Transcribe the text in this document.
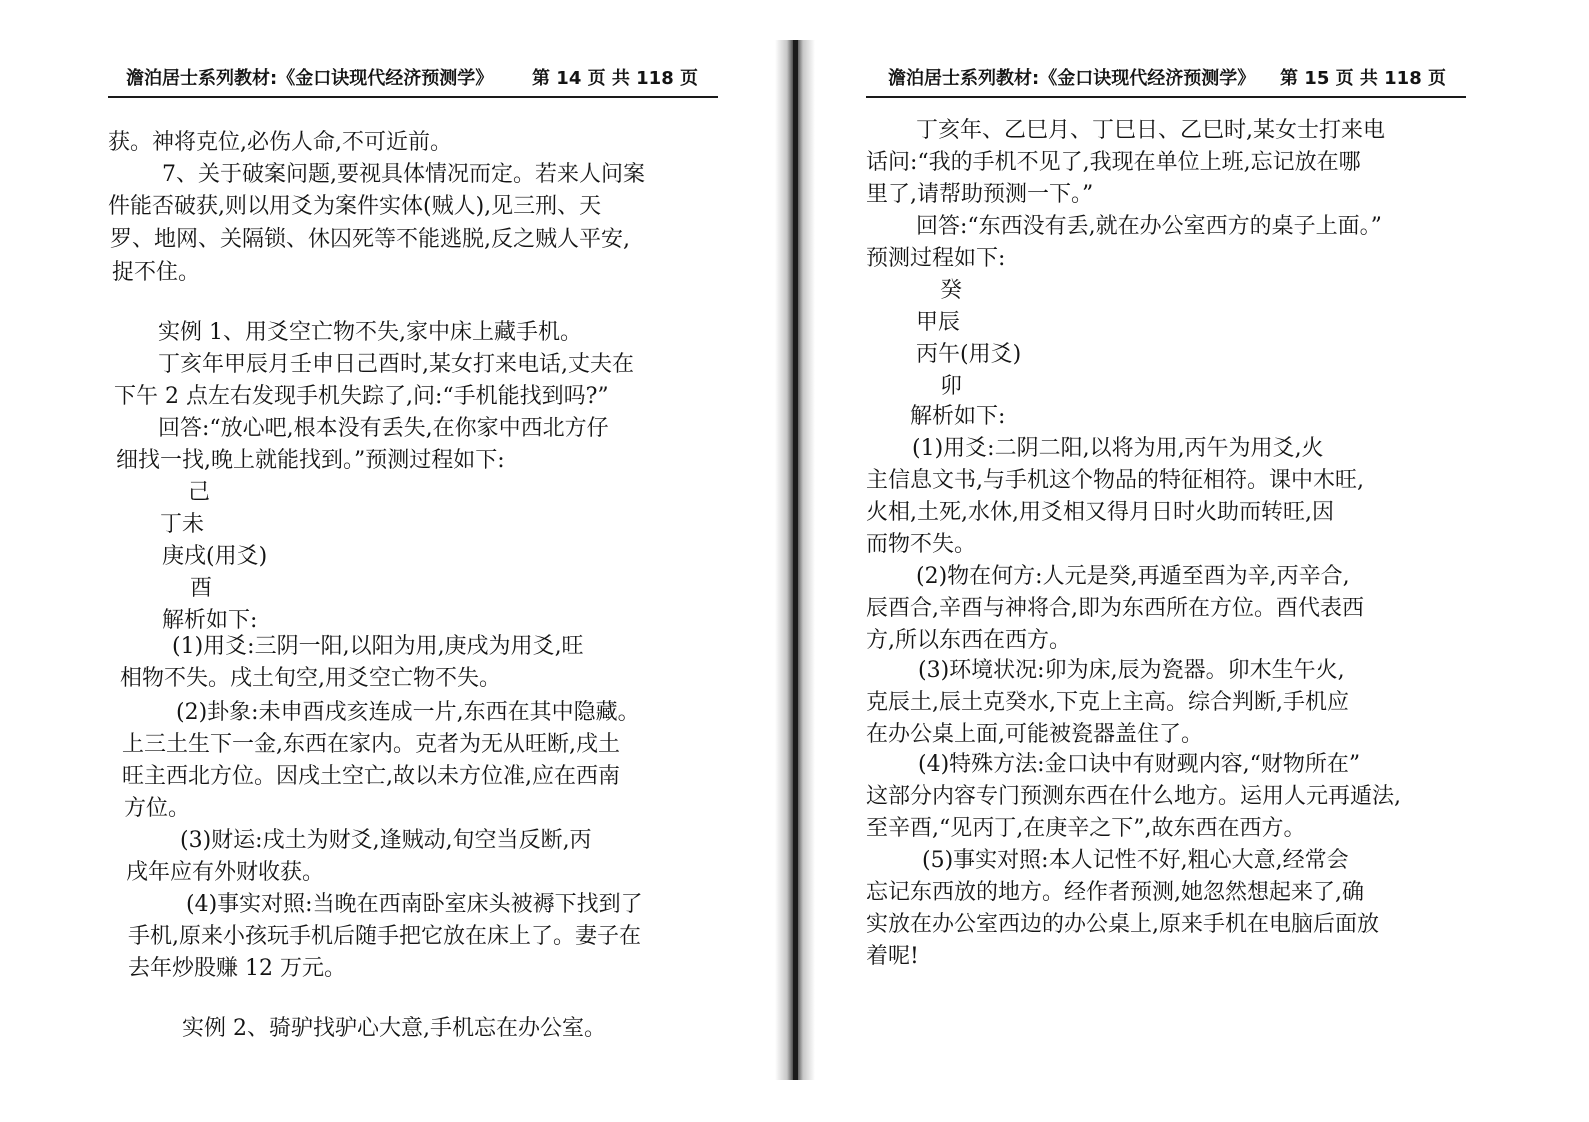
澹泊居士系列教材:《金口诀现代经济预测学》 第 14 页 共 118 页
获。神将克位,必伤人命,不可近前。
7、关于破案问题,要视具体情况而定。若来人问案
件能否破获,则以用爻为案件实体(贼人),见三刑、天
罗、地网、关隔锁、休囚死等不能逃脱,反之贼人平安,
捉不住。
实例 1、用爻空亡物不失,家中床上藏手机。
丁亥年甲辰月壬申日己酉时,某女打来电话,丈夫在
下午 2 点左右发现手机失踪了,问:“手机能找到吗?”
回答:“放心吧,根本没有丢失,在你家中西北方仔
细找一找,晚上就能找到。”预测过程如下:
己
丁未
庚戌(用爻)
酉
解析如下:
(1)用爻:三阴一阳,以阳为用,庚戌为用爻,旺
相物不失。戌土旬空,用爻空亡物不失。
(2)卦象:未申酉戌亥连成一片,东西在其中隐藏。
上三土生下一金,东西在家内。克者为无从旺断,戌土
旺主西北方位。因戌土空亡,故以未方位准,应在西南
方位。
(3)财运:戌土为财爻,逢贼动,旬空当反断,丙
戌年应有外财收获。
(4)事实对照:当晚在西南卧室床头被褥下找到了
手机,原来小孩玩手机后随手把它放在床上了。妻子在
去年炒股赚 12 万元。
实例 2、骑驴找驴心大意,手机忘在办公室。
澹泊居士系列教材:《金口诀现代经济预测学》 第 15 页 共 118 页
丁亥年、乙巳月、丁巳日、乙巳时,某女士打来电
话问:“我的手机不见了,我现在单位上班,忘记放在哪
里了,请帮助预测一下。”
回答:“东西没有丢,就在办公室西方的桌子上面。”
预测过程如下:
癸
甲辰
丙午(用爻)
卯
解析如下:
(1)用爻:二阴二阳,以将为用,丙午为用爻,火
主信息文书,与手机这个物品的特征相符。课中木旺,
火相,土死,水休,用爻相又得月日时火助而转旺,因
而物不失。
(2)物在何方:人元是癸,再遁至酉为辛,丙辛合,
辰酉合,辛酉与神将合,即为东西所在方位。酉代表西
方,所以东西在西方。
(3)环境状况:卯为床,辰为瓷器。卯木生午火,
克辰土,辰土克癸水,下克上主高。综合判断,手机应
在办公桌上面,可能被瓷器盖住了。
(4)特殊方法:金口诀中有财觋内容,“财物所在”
这部分内容专门预测东西在什么地方。运用人元再遁法,
至辛酉,“见丙丁,在庚辛之下”,故东西在西方。
(5)事实对照:本人记性不好,粗心大意,经常会
忘记东西放的地方。经作者预测,她忽然想起来了,确
实放在办公室西边的办公桌上,原来手机在电脑后面放
着呢!
